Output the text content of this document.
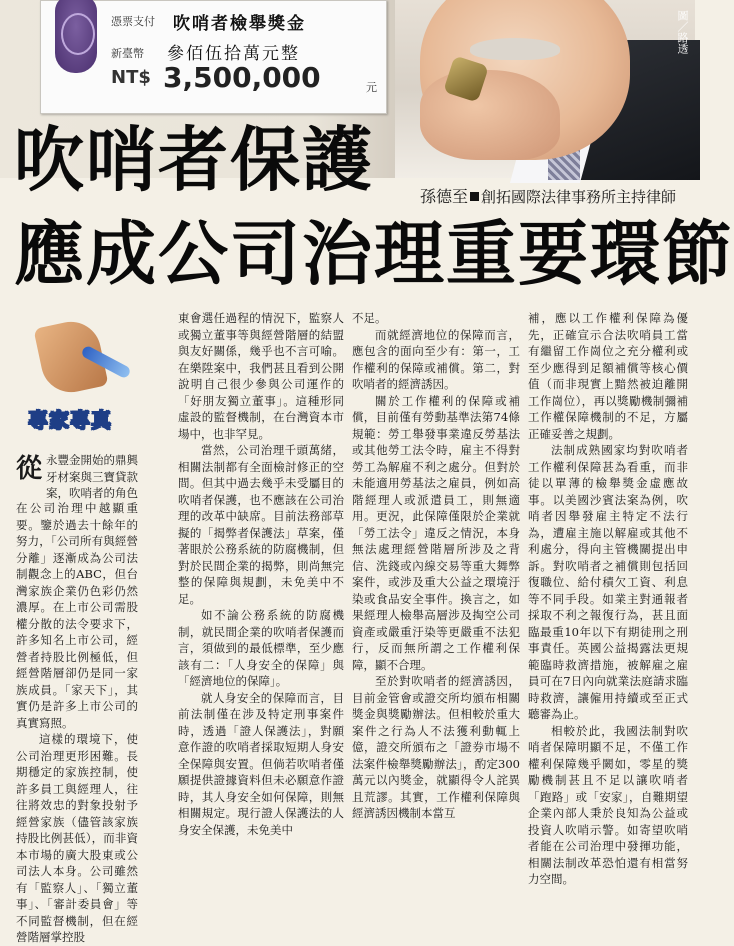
圖／路透
憑票支付 吹哨者檢舉獎金
新臺幣 參佰伍拾萬元整
NT$ 3,500,000	元
吹哨者保護	孫德至 創拓國際法律事務所主持律師
應成公司治理重要環節
專家專真
從 永豐金開始的鼎興牙材案與三寶貸款案，吹哨者的角色

在公司治理中越顯重要。鑒於過去十餘年的努力，「公司所有與經營分離」逐漸成為公司法制觀念上的ABC，但台灣家族企業仍色彩仍然濃厚。在上市公司需股權分散的法令要求下，許多知名上市公司，經營者持股比例極低，但經營階層卻仍是同一家族成員。「家天下」，其實仍是許多上市公司的真實寫照。

這樣的環境下，使公司治理更形困難。長期穩定的家族控制，使許多員工與經理人，往往將效忠的對象投射予經營家族（儘管該家族持股比例甚低），而非資本市場的廣大股東或公司法人本身。公司雖然有「監察人」、「獨立董事」、「審計委員會」等不同監督機制，但在經營階層掌控股

東會選任過程的情況下，監察人或獨立董事等與經營階層的結盟與友好關係，幾乎也不言可喻。在樂陞案中，我們甚且看到公開說明自己很少參與公司運作的「好朋友獨立董事」。這種形同虛設的監督機制，在台灣資本市場中，也非罕見。

當然，公司治理千頭萬緒，相關法制都有全面檢討修正的空間。但其中過去幾乎未受屬目的吹哨者保護，也不應該在公司治理的改革中缺席。目前法務部草擬的「揭弊者保護法」草案，僅著眼於公務系統的防腐機制，但對於民間企業的揭弊，則尚無完整的保障與規劃，未免美中不足。

如不論公務系統的防腐機制，就民間企業的吹哨者保護而言，須做到的最低標準，至少應該有二：「人身安全的保障」與「經濟地位的保障」。

就人身安全的保障而言，目前法制僅在涉及特定刑事案件時，透過「證人保護法」，對願意作證的吹哨者採取短期人身安全保障與安置。但倘若吹哨者僅願提供證據資料但未必願意作證時，其人身安全如何保障，則無相關規定。現行證人保護法的人身安全保護，未免美中

不足。

而就經濟地位的保障而言，應包含的面向至少有：第一，工作權利的保障或補償。第二，對吹哨者的經濟誘因。

關於工作權利的保障或補償，目前僅有勞動基準法第74條規範：勞工舉發事業違反勞基法或其他勞工法令時，雇主不得對勞工為解雇不利之處分。但對於未能適用勞基法之雇員，例如高階經理人或派遣員工，則無適用。更況，此保障僅限於企業就「勞工法令」違反之情況，本身無法處理經營階層所涉及之背信、洗錢或內線交易等重大舞弊案件，或涉及重大公益之環境汙染或食品安全事件。換言之，如果經理人檢舉高層涉及掏空公司資產或嚴重汙染等更嚴重不法犯行，反而無所謂之工作權利保障，顯不合理。

至於對吹哨者的經濟誘因，目前金管會或證交所均頒布相關獎金與獎勵辦法。但相較於重大案件之行為人不法獲利動輒上億，證交所頒布之「證券市場不法案件檢舉獎勵辦法」，酌定300萬元以內獎金，就顯得令人詫異且荒謬。其實，工作權利保障與經濟誘因機制本當互

補，應以工作權利保障為優先，正確宣示合法吹哨員工當有繼留工作崗位之充分權利或至少應得到足額補償等核心價值（而非現實上黯然被迫離開工作崗位），再以獎勵機制彌補工作權保障機制的不足，方屬正確妥善之規劃。

法制成熟國家均對吹哨者工作權利保障甚為看重，而非徒以單薄的檢舉獎金虛應故事。以美國沙賓法案為例，吹哨者因舉發雇主特定不法行為，遭雇主施以解雇或其他不利處分，得向主管機關提出申訴。對吹哨者之補償則包括回復職位、給付積欠工資、利息等不同手段。如業主對通報者採取不利之報復行為，甚且面臨最重10年以下有期徒刑之刑事責任。英國公益揭露法更規範臨時救濟措施，被解雇之雇員可在7日內向就業法庭請求臨時救濟，讓僱用持續或至正式聽審為止。

相較於此，我國法制對吹哨者保障明顯不足，不僅工作權利保障幾乎闕如，零星的獎勵機制甚且不足以讓吹哨者「跑路」或「安家」，自難期望企業內部人秉於良知為公益或投資人吹哨示警。如寄望吹哨者能在公司治理中發揮功能，相關法制改革恐怕還有相當努力空間。
